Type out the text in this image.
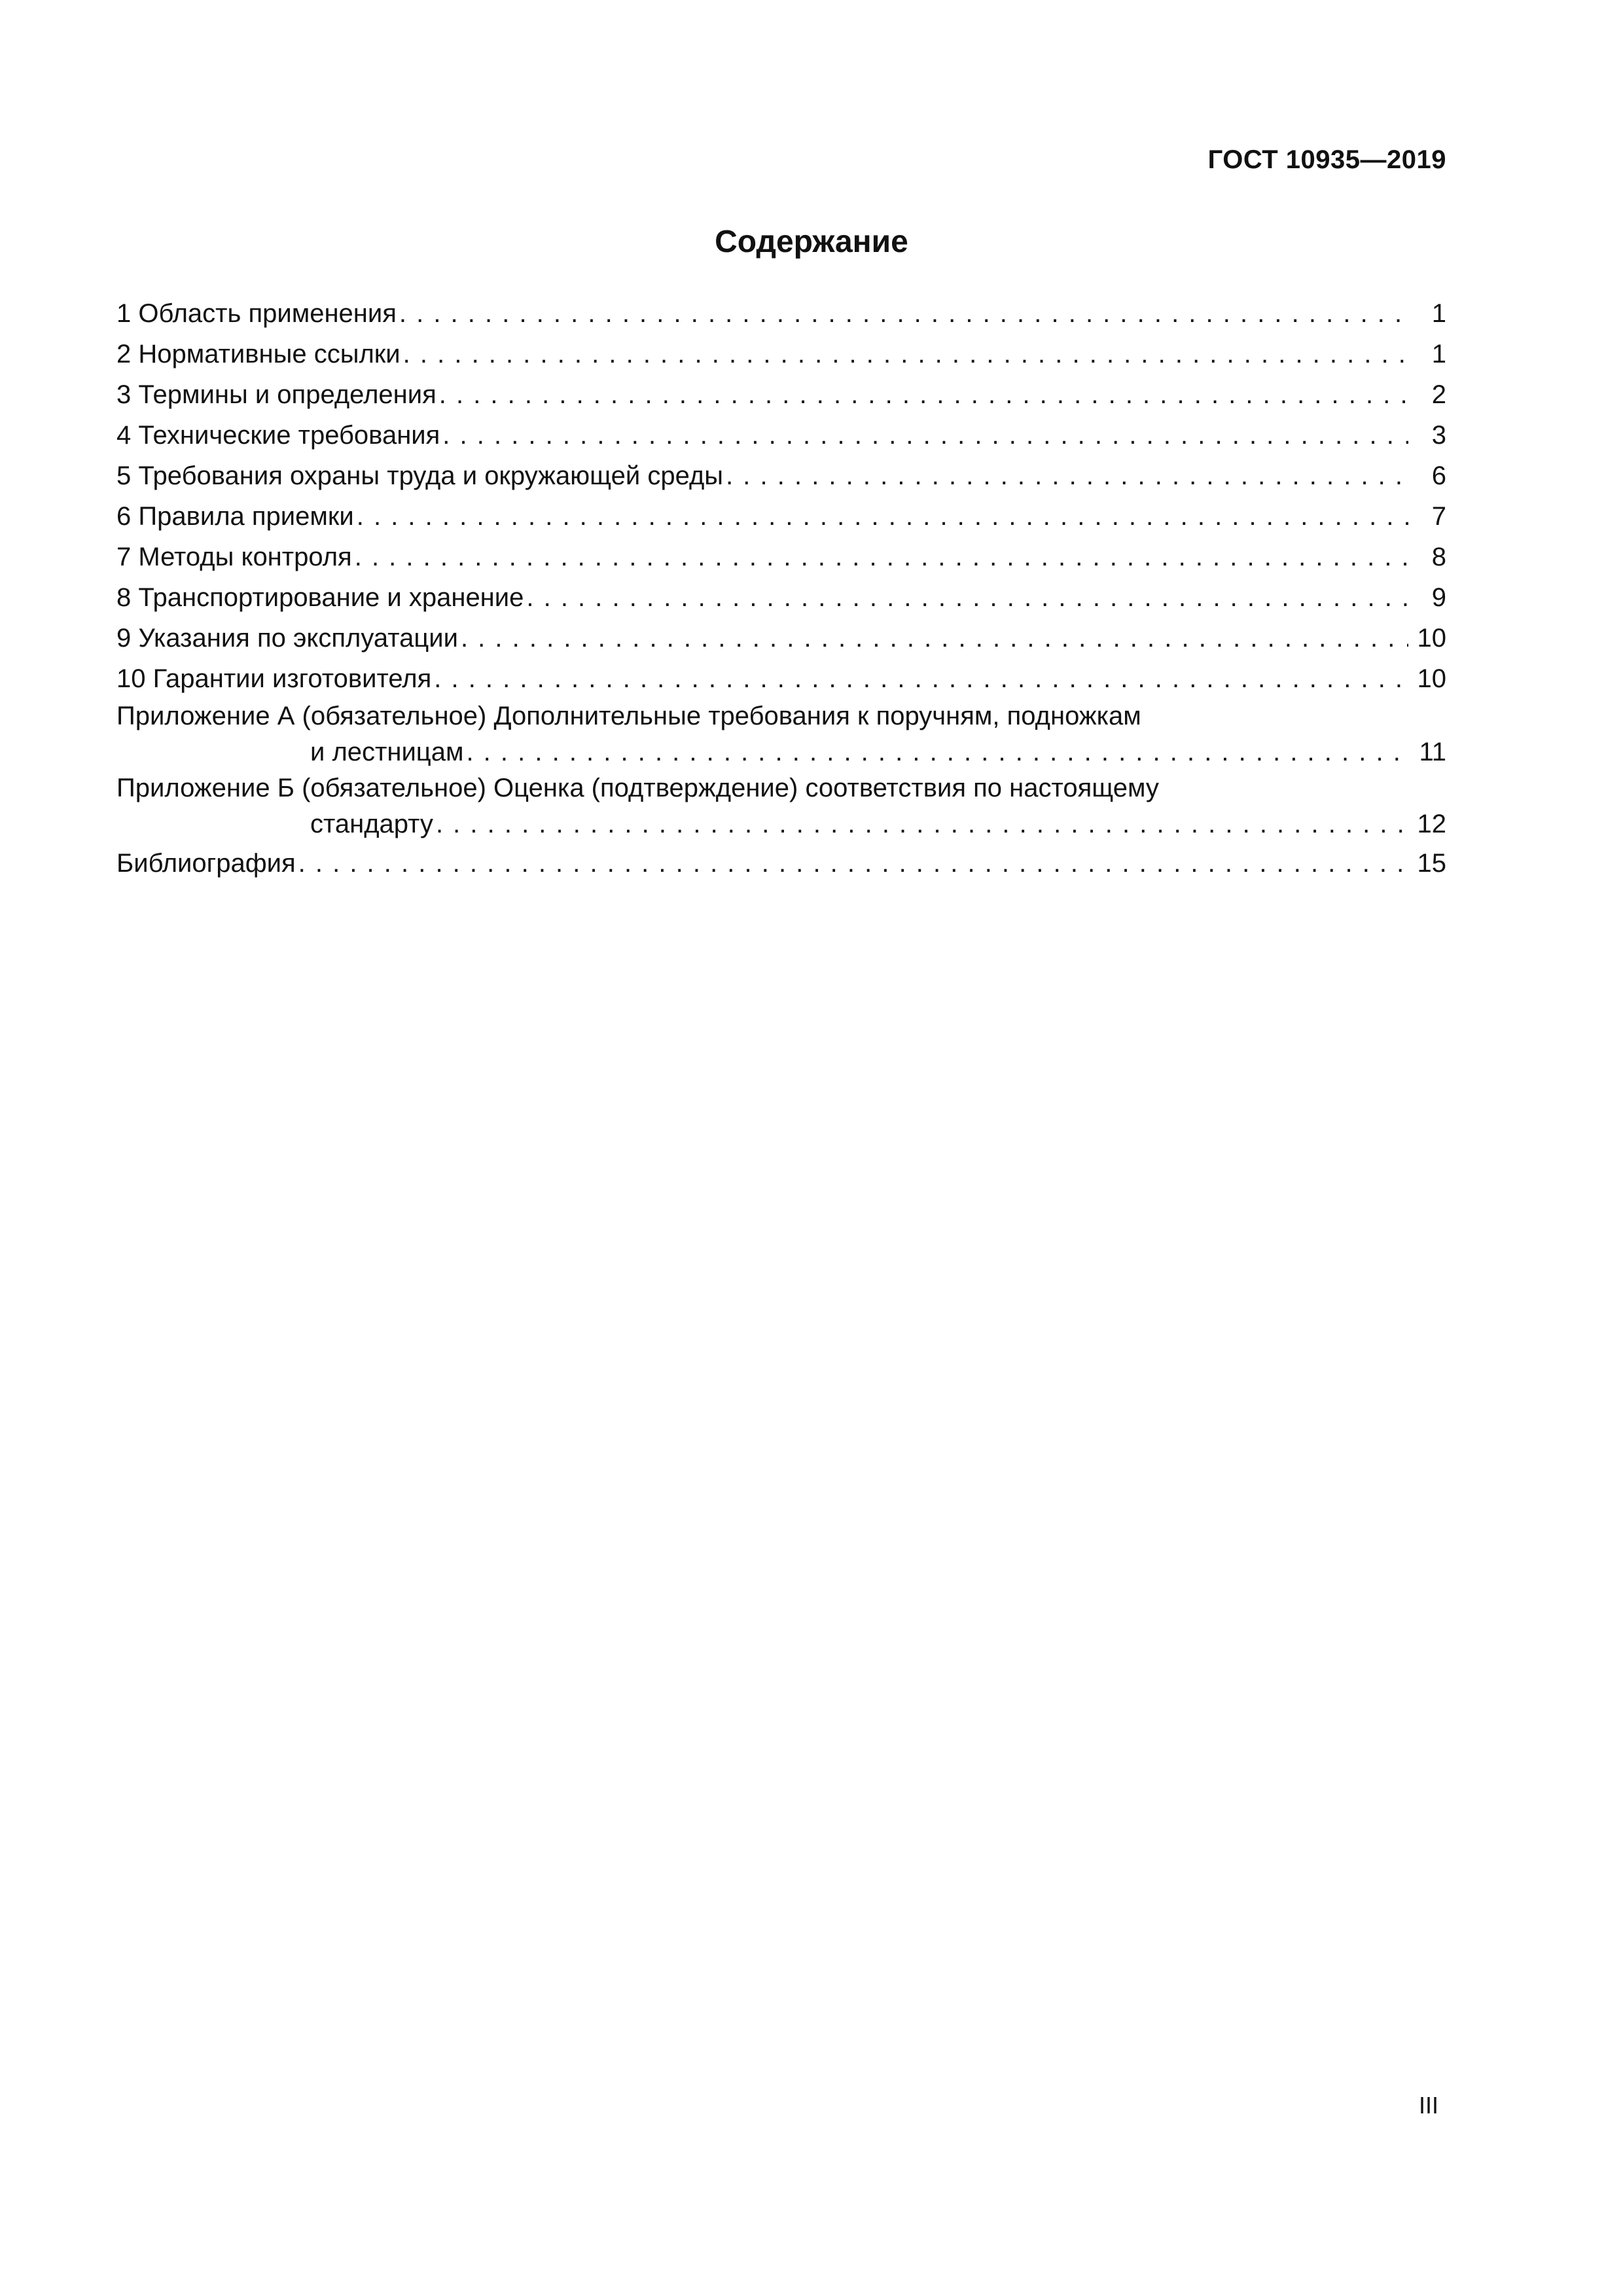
ГОСТ 10935—2019
Содержание
1 Область применения . . .	1
2 Нормативные ссылки . . .	1
3 Термины и определения . . .	2
4 Технические требования . . .	3
5 Требования охраны труда и окружающей среды . . .	6
6 Правила приемки . . .	7
7 Методы контроля . . .	8
8 Транспортирование и хранение . . .	9
9 Указания по эксплуатации . . .	10
10 Гарантии изготовителя . . .	10
Приложение А (обязательное) Дополнительные требования к поручням, подножкам
и лестницам . . .	11
Приложение Б (обязательное) Оценка (подтверждение) соответствия по настоящему
стандарту . . .	12
Библиография . . .	15
III
